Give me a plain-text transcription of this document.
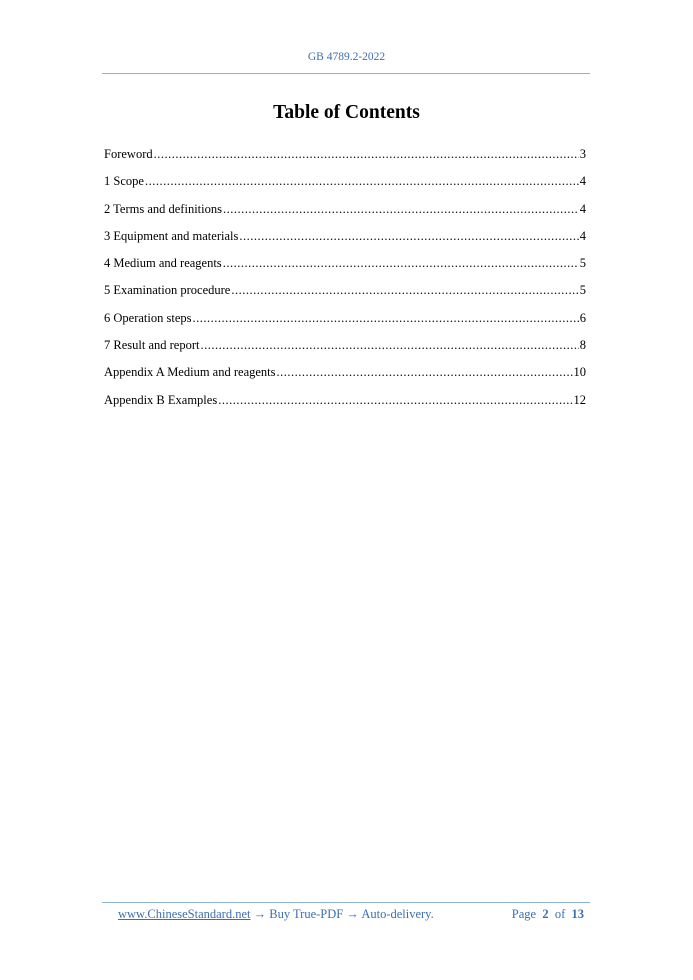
GB 4789.2-2022
Table of Contents
Foreword .....	3
1 Scope .....	4
2 Terms and definitions .....	4
3 Equipment and materials .....	4
4 Medium and reagents .....	5
5 Examination procedure .....	5
6 Operation steps .....	6
7 Result and report .....	8
Appendix A Medium and reagents .....	10
Appendix B Examples .....	12
www.ChineseStandard.net → Buy True-PDF → Auto-delivery.	Page 2 of 13
